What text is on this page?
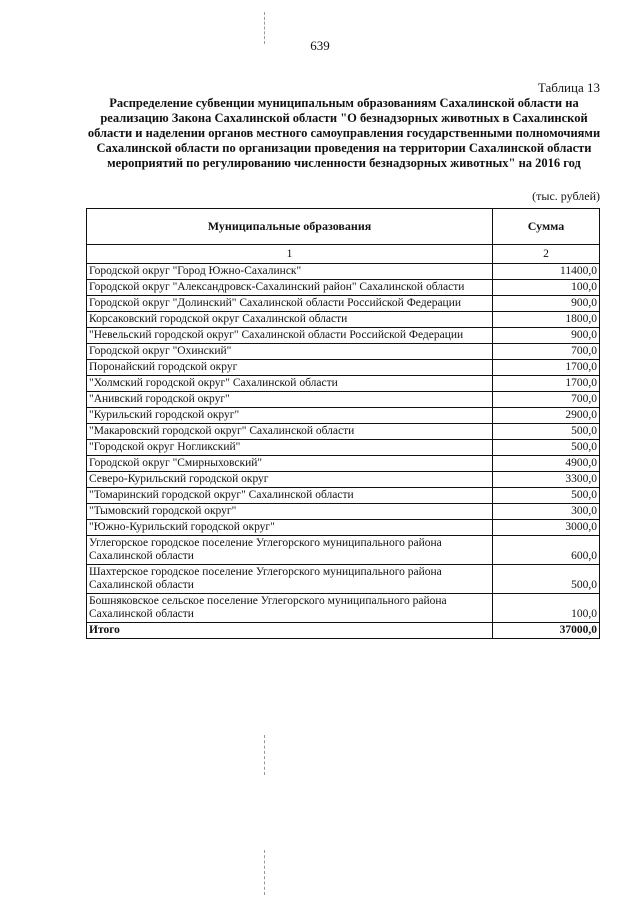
639
Таблица 13
Распределение субвенции муниципальным образованиям Сахалинской области на реализацию Закона Сахалинской области "О безнадзорных животных в Сахалинской области и наделении органов местного самоуправления государственными полномочиями Сахалинской области по организации проведения на территории Сахалинской области мероприятий по регулированию численности безнадзорных животных" на 2016 год
(тыс. рублей)
Муниципальные образования	Сумма
1	2
Городской округ "Город Южно-Сахалинск"	11400,0
Городской округ "Александровск-Сахалинский район" Сахалинской области	100,0
Городской округ "Долинский" Сахалинской области Российской Федерации	900,0
Корсаковский городской округ Сахалинской области	1800,0
"Невельский городской округ" Сахалинской области Российской Федерации	900,0
Городской округ "Охинский"	700,0
Поронайский городской округ	1700,0
"Холмский городской округ" Сахалинской области	1700,0
"Анивский городской округ"	700,0
"Курильский городской округ"	2900,0
"Макаровский городской округ" Сахалинской области	500,0
"Городской округ Ногликский"	500,0
Городской округ "Смирныховский"	4900,0
Северо-Курильский городской округ	3300,0
"Томаринский городской округ" Сахалинской области	500,0
"Тымовский городской округ"	300,0
"Южно-Курильский городской округ"	3000,0
Углегорское городское поселение Углегорского муниципального района Сахалинской области	600,0
Шахтерское городское поселение Углегорского муниципального района Сахалинской области	500,0
Бошняковское сельское поселение Углегорского муниципального района Сахалинской области	100,0
Итого	37000,0
